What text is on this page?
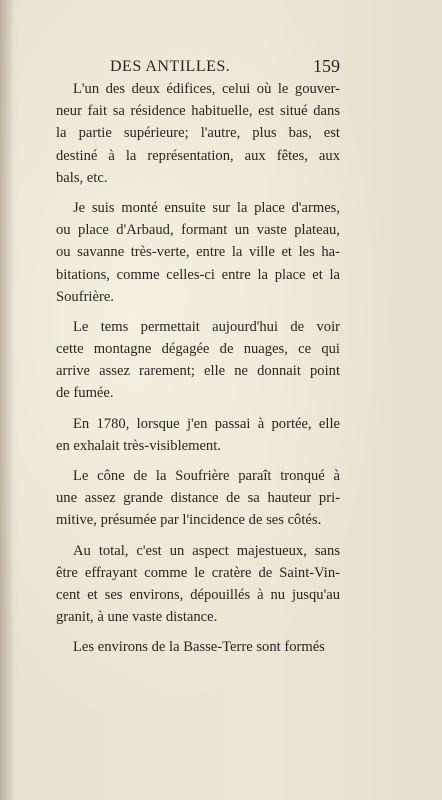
DES ANTILLES.	159
L'un des deux édifices, celui où le gouver-
neur fait sa résidence habituelle, est situé dans
la partie supérieure; l'autre, plus bas, est
destiné à la représentation, aux fêtes, aux
bals, etc.
Je suis monté ensuite sur la place d'armes,
ou place d'Arbaud, formant un vaste plateau,
ou savanne très-verte, entre la ville et les ha-
bitations, comme celles-ci entre la place et la
Soufrière.
Le tems permettait aujourd'hui de voir
cette montagne dégagée de nuages, ce qui
arrive assez rarement; elle ne donnait point
de fumée.
En 1780, lorsque j'en passai à portée, elle
en exhalait très-visiblement.
Le cône de la Soufrière paraît tronqué à
une assez grande distance de sa hauteur pri-
mitive, présumée par l'incidence de ses côtés.
Au total, c'est un aspect majestueux, sans
être effrayant comme le cratère de Saint-Vin-
cent et ses environs, dépouillés à nu jusqu'au
granit, à une vaste distance.
Les environs de la Basse-Terre sont formés
